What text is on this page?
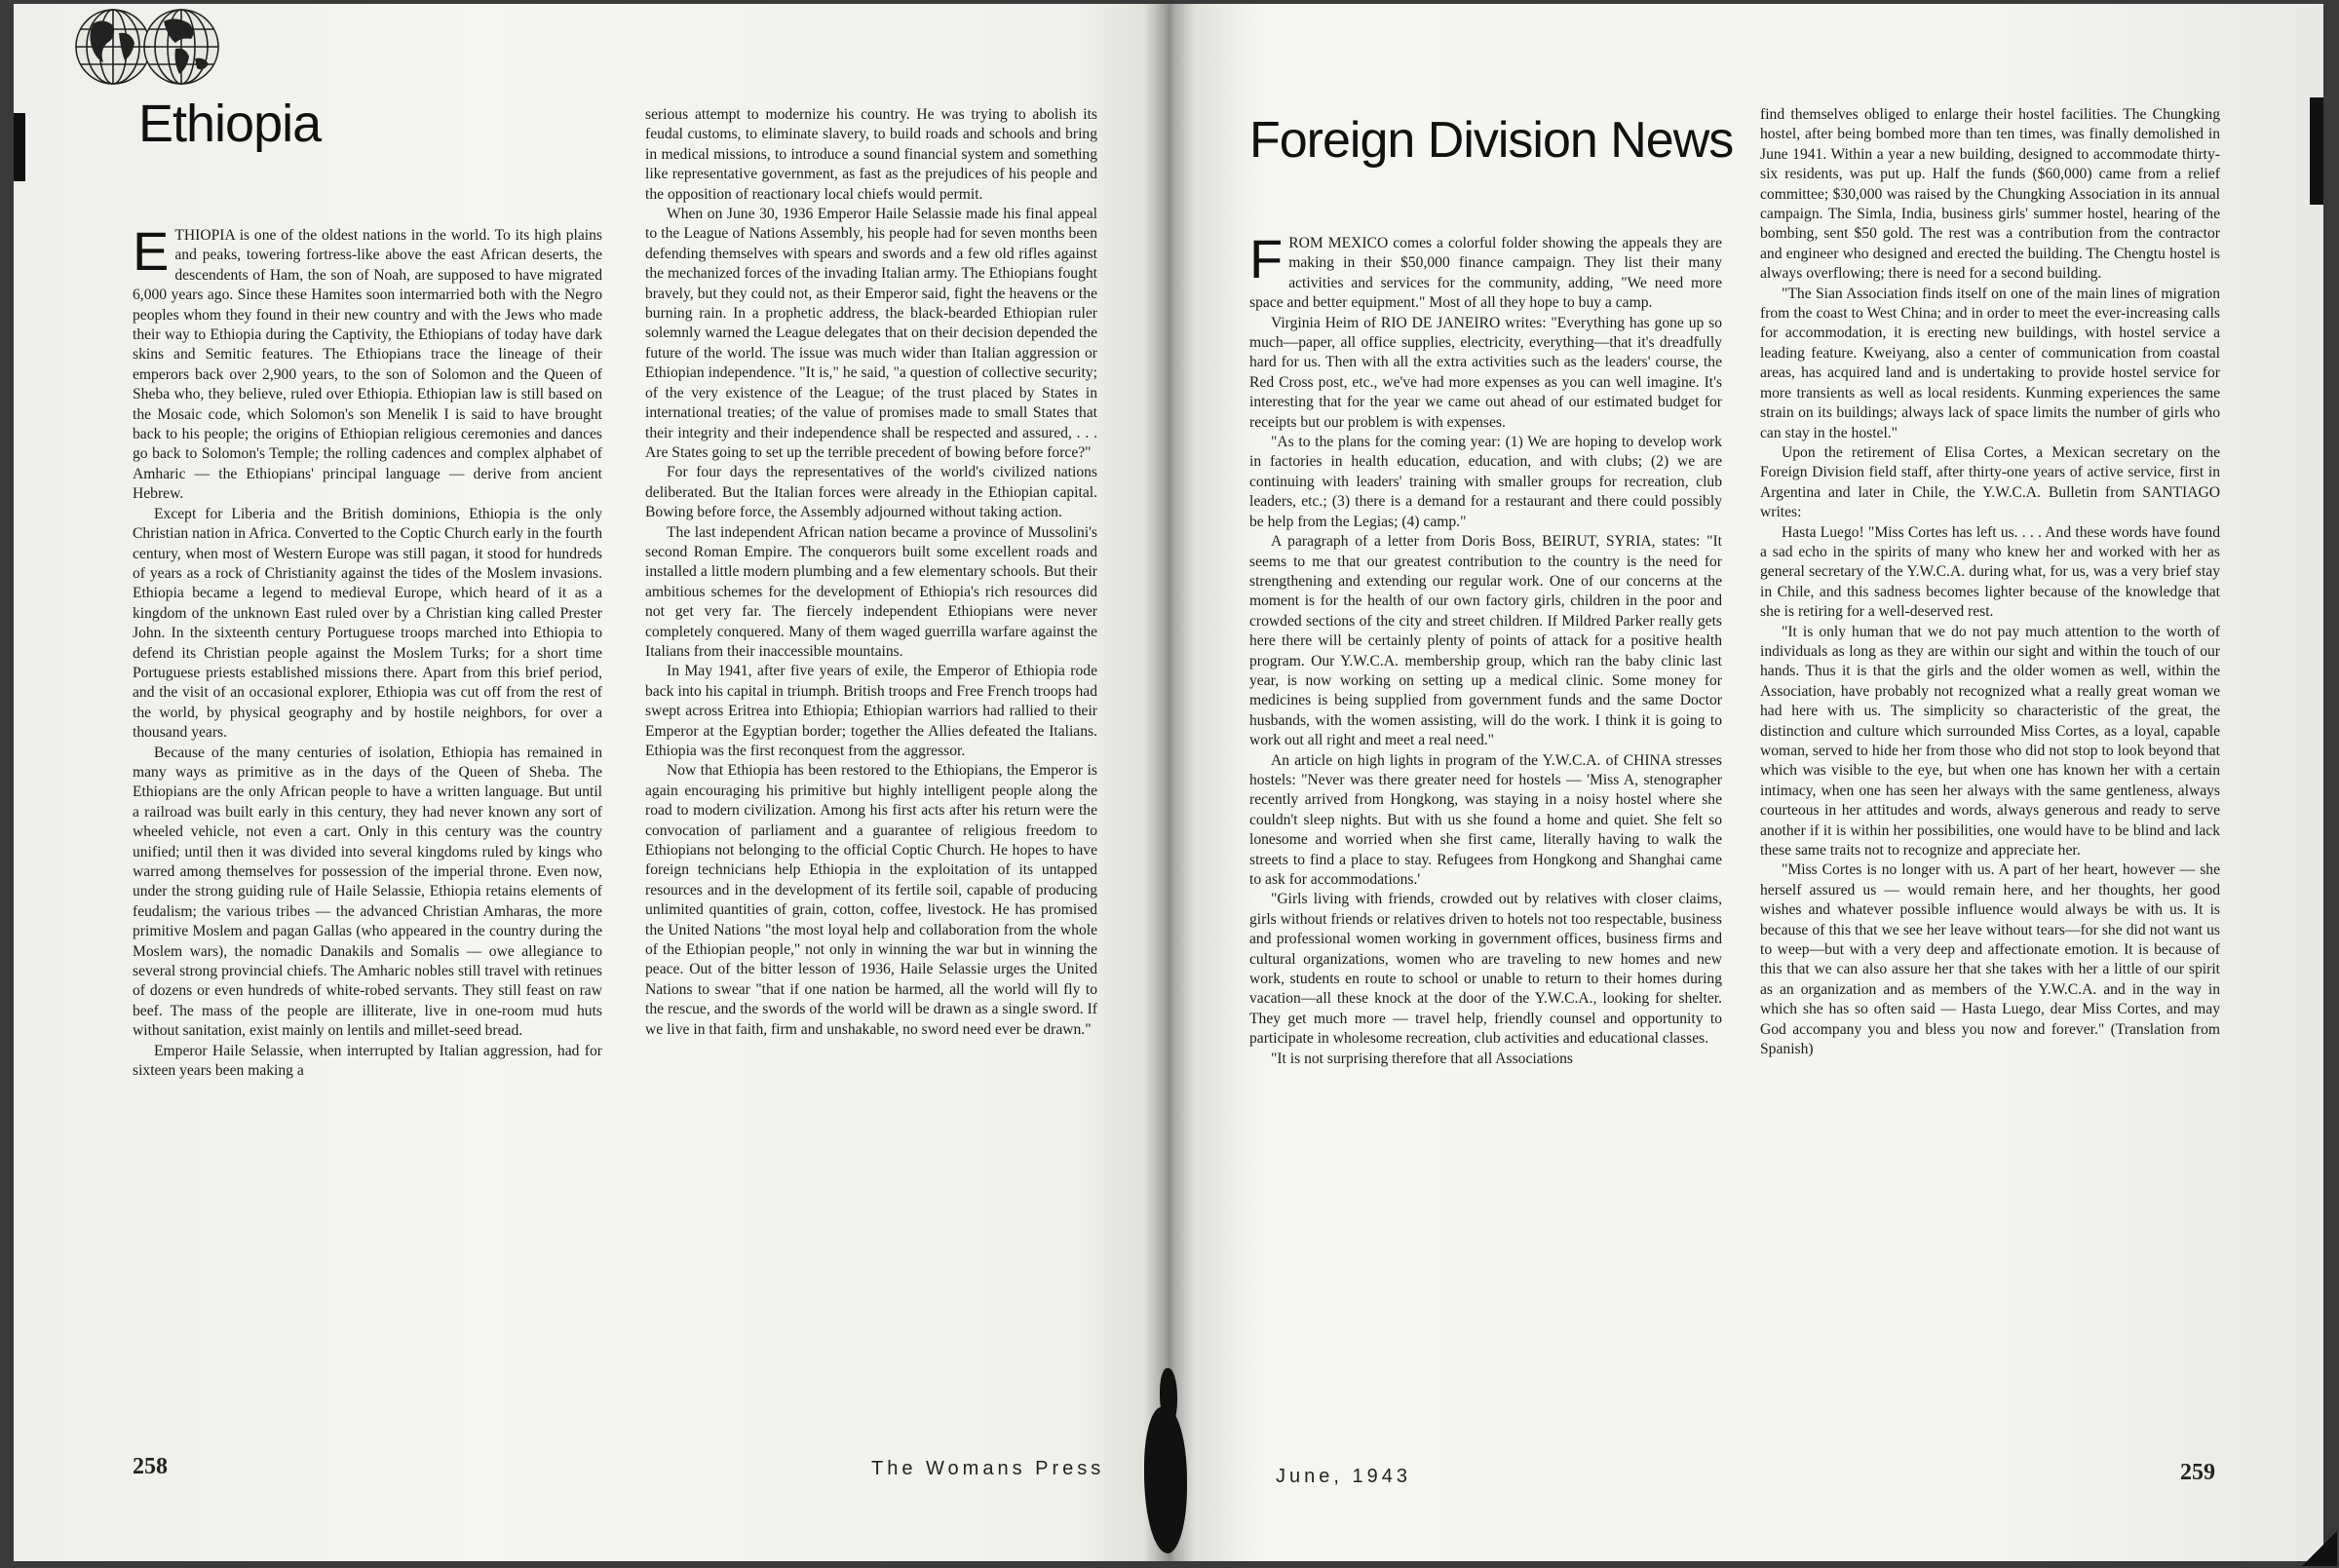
Ethiopia

ETHIOPIA is one of the oldest nations in the world. To its high plains and peaks, towering fortress-like above the east African deserts, the descendents of Ham, the son of Noah, are supposed to have migrated 6,000 years ago. Since these Hamites soon intermarried both with the Negro peoples whom they found in their new country and with the Jews who made their way to Ethiopia during the Captivity, the Ethiopians of today have dark skins and Semitic features. The Ethiopians trace the lineage of their emperors back over 2,900 years, to the son of Solomon and the Queen of Sheba who, they believe, ruled over Ethiopia. Ethiopian law is still based on the Mosaic code, which Solomon's son Menelik I is said to have brought back to his people; the origins of Ethiopian religious ceremonies and dances go back to Solomon's Temple; the rolling cadences and complex alphabet of Amharic — the Ethiopians' principal language — derive from ancient Hebrew.

Except for Liberia and the British dominions, Ethiopia is the only Christian nation in Africa. Converted to the Coptic Church early in the fourth century, when most of Western Europe was still pagan, it stood for hundreds of years as a rock of Christianity against the tides of the Moslem invasions. Ethiopia became a legend to medieval Europe, which heard of it as a kingdom of the unknown East ruled over by a Christian king called Prester John. In the sixteenth century Portuguese troops marched into Ethiopia to defend its Christian people against the Moslem Turks; for a short time Portuguese priests established missions there. Apart from this brief period, and the visit of an occasional explorer, Ethiopia was cut off from the rest of the world, by physical geography and by hostile neighbors, for over a thousand years.

Because of the many centuries of isolation, Ethiopia has remained in many ways as primitive as in the days of the Queen of Sheba. The Ethiopians are the only African people to have a written language. But until a railroad was built early in this century, they had never known any sort of wheeled vehicle, not even a cart. Only in this century was the country unified; until then it was divided into several kingdoms ruled by kings who warred among themselves for possession of the imperial throne. Even now, under the strong guiding rule of Haile Selassie, Ethiopia retains elements of feudalism; the various tribes — the advanced Christian Amharas, the more primitive Moslem and pagan Gallas (who appeared in the country during the Moslem wars), the nomadic Danakils and Somalis — owe allegiance to several strong provincial chiefs. The Amharic nobles still travel with retinues of dozens or even hundreds of white-robed servants. They still feast on raw beef. The mass of the people are illiterate, live in one-room mud huts without sanitation, exist mainly on lentils and millet-seed bread.

Emperor Haile Selassie, when interrupted by Italian aggression, had for sixteen years been making a

serious attempt to modernize his country. He was trying to abolish its feudal customs, to eliminate slavery, to build roads and schools and bring in medical missions, to introduce a sound financial system and something like representative government, as fast as the prejudices of his people and the opposition of reactionary local chiefs would permit.

When on June 30, 1936 Emperor Haile Selassie made his final appeal to the League of Nations Assembly, his people had for seven months been defending themselves with spears and swords and a few old rifles against the mechanized forces of the invading Italian army. The Ethiopians fought bravely, but they could not, as their Emperor said, fight the heavens or the burning rain. In a prophetic address, the black-bearded Ethiopian ruler solemnly warned the League delegates that on their decision depended the future of the world. The issue was much wider than Italian aggression or Ethiopian independence. "It is," he said, "a question of collective security; of the very existence of the League; of the trust placed by States in international treaties; of the value of promises made to small States that their integrity and their independence shall be respected and assured, . . . Are States going to set up the terrible precedent of bowing before force?"

For four days the representatives of the world's civilized nations deliberated. But the Italian forces were already in the Ethiopian capital. Bowing before force, the Assembly adjourned without taking action.

The last independent African nation became a province of Mussolini's second Roman Empire. The conquerors built some excellent roads and installed a little modern plumbing and a few elementary schools. But their ambitious schemes for the development of Ethiopia's rich resources did not get very far. The fiercely independent Ethiopians were never completely conquered. Many of them waged guerrilla warfare against the Italians from their inaccessible mountains.

In May 1941, after five years of exile, the Emperor of Ethiopia rode back into his capital in triumph. British troops and Free French troops had swept across Eritrea into Ethiopia; Ethiopian warriors had rallied to their Emperor at the Egyptian border; together the Allies defeated the Italians. Ethiopia was the first reconquest from the aggressor.

Now that Ethiopia has been restored to the Ethiopians, the Emperor is again encouraging his primitive but highly intelligent people along the road to modern civilization. Among his first acts after his return were the convocation of parliament and a guarantee of religious freedom to Ethiopians not belonging to the official Coptic Church. He hopes to have foreign technicians help Ethiopia in the exploitation of its untapped resources and in the development of its fertile soil, capable of producing unlimited quantities of grain, cotton, coffee, livestock. He has promised the United Nations "the most loyal help and collaboration from the whole of the Ethiopian people," not only in winning the war but in winning the peace. Out of the bitter lesson of 1936, Haile Selassie urges the United Nations to swear "that if one nation be harmed, all the world will fly to the rescue, and the swords of the world will be drawn as a single sword. If we live in that faith, firm and unshakable, no sword need ever be drawn."

258	The Womans Press
Foreign Division News

FROM MEXICO comes a colorful folder showing the appeals they are making in their $50,000 finance campaign. They list their many activities and services for the community, adding, "We need more space and better equipment." Most of all they hope to buy a camp.

Virginia Heim of RIO DE JANEIRO writes: "Everything has gone up so much—paper, all office supplies, electricity, everything—that it's dreadfully hard for us. Then with all the extra activities such as the leaders' course, the Red Cross post, etc., we've had more expenses as you can well imagine. It's interesting that for the year we came out ahead of our estimated budget for receipts but our problem is with expenses.

"As to the plans for the coming year: (1) We are hoping to develop work in factories in health education, education, and with clubs; (2) we are continuing with leaders' training with smaller groups for recreation, club leaders, etc.; (3) there is a demand for a restaurant and there could possibly be help from the Legias; (4) camp."

A paragraph of a letter from Doris Boss, BEIRUT, SYRIA, states: "It seems to me that our greatest contribution to the country is the need for strengthening and extending our regular work. One of our concerns at the moment is for the health of our own factory girls, children in the poor and crowded sections of the city and street children. If Mildred Parker really gets here there will be certainly plenty of points of attack for a positive health program. Our Y.W.C.A. membership group, which ran the baby clinic last year, is now working on setting up a medical clinic. Some money for medicines is being supplied from government funds and the same Doctor husbands, with the women assisting, will do the work. I think it is going to work out all right and meet a real need."

An article on high lights in program of the Y.W.C.A. of CHINA stresses hostels: "Never was there greater need for hostels — 'Miss A, stenographer recently arrived from Hongkong, was staying in a noisy hostel where she couldn't sleep nights. But with us she found a home and quiet. She felt so lonesome and worried when she first came, literally having to walk the streets to find a place to stay. Refugees from Hongkong and Shanghai came to ask for accommodations.'

"Girls living with friends, crowded out by relatives with closer claims, girls without friends or relatives driven to hotels not too respectable, business and professional women working in government offices, business firms and cultural organizations, women who are traveling to new homes and new work, students en route to school or unable to return to their homes during vacation—all these knock at the door of the Y.W.C.A., looking for shelter. They get much more — travel help, friendly counsel and opportunity to participate in wholesome recreation, club activities and educational classes.

"It is not surprising therefore that all Associations

find themselves obliged to enlarge their hostel facilities. The Chungking hostel, after being bombed more than ten times, was finally demolished in June 1941. Within a year a new building, designed to accommodate thirty-six residents, was put up. Half the funds ($60,000) came from a relief committee; $30,000 was raised by the Chungking Association in its annual campaign. The Simla, India, business girls' summer hostel, hearing of the bombing, sent $50 gold. The rest was a contribution from the contractor and engineer who designed and erected the building. The Chengtu hostel is always overflowing; there is need for a second building.

"The Sian Association finds itself on one of the main lines of migration from the coast to West China; and in order to meet the ever-increasing calls for accommodation, it is erecting new buildings, with hostel service a leading feature. Kweiyang, also a center of communication from coastal areas, has acquired land and is undertaking to provide hostel service for more transients as well as local residents. Kunming experiences the same strain on its buildings; always lack of space limits the number of girls who can stay in the hostel."

Upon the retirement of Elisa Cortes, a Mexican secretary on the Foreign Division field staff, after thirty-one years of active service, first in Argentina and later in Chile, the Y.W.C.A. Bulletin from SANTIAGO writes:

Hasta Luego! "Miss Cortes has left us. . . . And these words have found a sad echo in the spirits of many who knew her and worked with her as general secretary of the Y.W.C.A. during what, for us, was a very brief stay in Chile, and this sadness becomes lighter because of the knowledge that she is retiring for a well-deserved rest.

"It is only human that we do not pay much attention to the worth of individuals as long as they are within our sight and within the touch of our hands. Thus it is that the girls and the older women as well, within the Association, have probably not recognized what a really great woman we had here with us. The simplicity so characteristic of the great, the distinction and culture which surrounded Miss Cortes, as a loyal, capable woman, served to hide her from those who did not stop to look beyond that which was visible to the eye, but when one has known her with a certain intimacy, when one has seen her always with the same gentleness, always courteous in her attitudes and words, always generous and ready to serve another if it is within her possibilities, one would have to be blind and lack these same traits not to recognize and appreciate her.

"Miss Cortes is no longer with us. A part of her heart, however — she herself assured us — would remain here, and her thoughts, her good wishes and whatever possible influence would always be with us. It is because of this that we see her leave without tears—for she did not want us to weep—but with a very deep and affectionate emotion. It is because of this that we can also assure her that she takes with her a little of our spirit as an organization and as members of the Y.W.C.A. and in the way in which she has so often said — Hasta Luego, dear Miss Cortes, and may God accompany you and bless you now and forever." (Translation from Spanish)

June, 1943	259
